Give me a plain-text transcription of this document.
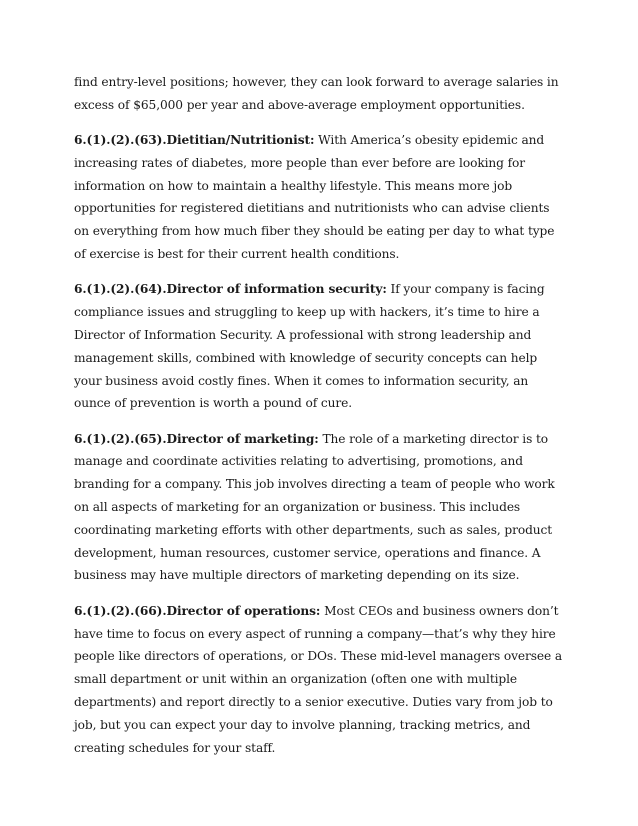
find entry-level positions; however, they can look forward to average salaries in excess of $65,000 per year and above-average employment opportunities.

6.(1).(2).(63).Dietitian/Nutritionist: With America’s obesity epidemic and increasing rates of diabetes, more people than ever before are looking for information on how to maintain a healthy lifestyle. This means more job opportunities for registered dietitians and nutritionists who can advise clients on everything from how much fiber they should be eating per day to what type of exercise is best for their current health conditions.

6.(1).(2).(64).Director of information security: If your company is facing compliance issues and struggling to keep up with hackers, it’s time to hire a Director of Information Security. A professional with strong leadership and management skills, combined with knowledge of security concepts can help your business avoid costly fines. When it comes to information security, an ounce of prevention is worth a pound of cure.

6.(1).(2).(65).Director of marketing: The role of a marketing director is to manage and coordinate activities relating to advertising, promotions, and branding for a company. This job involves directing a team of people who work on all aspects of marketing for an organization or business. This includes coordinating marketing efforts with other departments, such as sales, product development, human resources, customer service, operations and finance. A business may have multiple directors of marketing depending on its size.

6.(1).(2).(66).Director of operations: Most CEOs and business owners don’t have time to focus on every aspect of running a company—that’s why they hire people like directors of operations, or DOs. These mid-level managers oversee a small department or unit within an organization (often one with multiple departments) and report directly to a senior executive. Duties vary from job to job, but you can expect your day to involve planning, tracking metrics, and creating schedules for your staff.
